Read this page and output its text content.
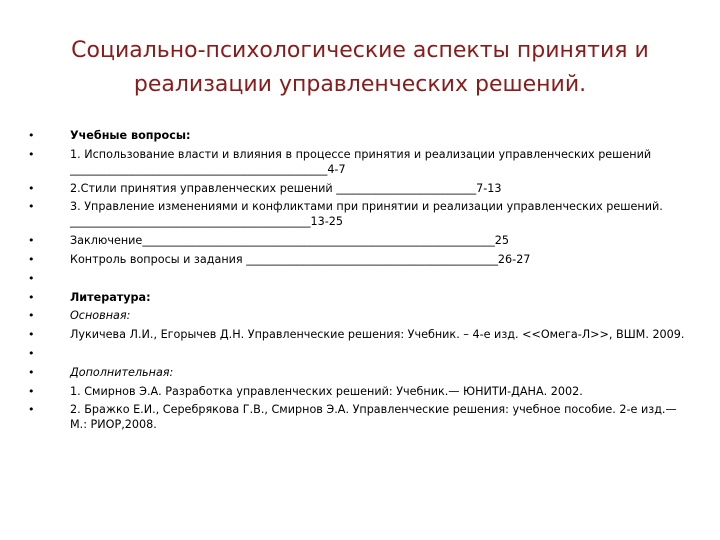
Социально-психологические аспекты принятия и
реализации управленческих решений.
•	Учебные вопросы:
•	1. Использование власти и влияния в процессе принятия и реализации управленческих решений ______________________________________________4-7
•	2.Стили принятия управленческих решений _________________________7-13
•	3. Управление изменениями и конфликтами при принятии и реализации управленческих решений. ___________________________________________13-25
•	Заключение_______________________________________________________________25
•	Контроль вопросы и задания _____________________________________________26-27
•
•	Литература:
•	Основная:
•	Лукичева Л.И., Егорычев Д.Н. Управленческие решения: Учебник. – 4-е изд. <<Омега-Л>>, ВШМ. 2009.
•
•	Дополнительная:
•	1. Смирнов Э.А. Разработка управленческих решений: Учебник.— ЮНИТИ-ДАНА. 2002.
•	2. Бражко Е.И., Серебрякова Г.В., Смирнов Э.А. Управленческие решения: учебное пособие. 2-е изд.—М.: РИОР,2008.
